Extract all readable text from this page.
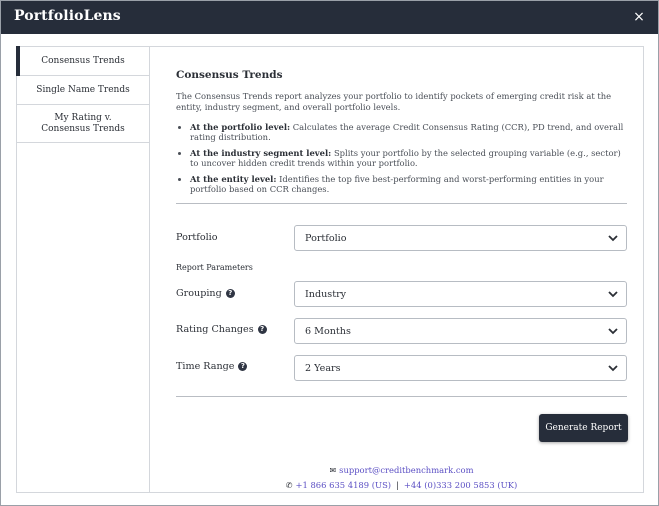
PortfolioLens	×
Consensus Trends
Single Name Trends
My Rating v. Consensus Trends
Consensus Trends
The Consensus Trends report analyzes your portfolio to identify pockets of emerging credit risk at the entity, industry segment, and overall portfolio levels.
• At the portfolio level: Calculates the average Credit Consensus Rating (CCR), PD trend, and overall rating distribution.
• At the industry segment level: Splits your portfolio by the selected grouping variable (e.g., sector) to uncover hidden credit trends within your portfolio.
• At the entity level: Identifies the top five best-performing and worst-performing entities in your portfolio based on CCR changes.
Portfolio	Portfolio
Report Parameters
Grouping ?	Industry
Rating Changes ?	6 Months
Time Range ?	2 Years
Generate Report
✉ support@creditbenchmark.com
✆ +1 866 635 4189 (US) | +44 (0)333 200 5853 (UK)
